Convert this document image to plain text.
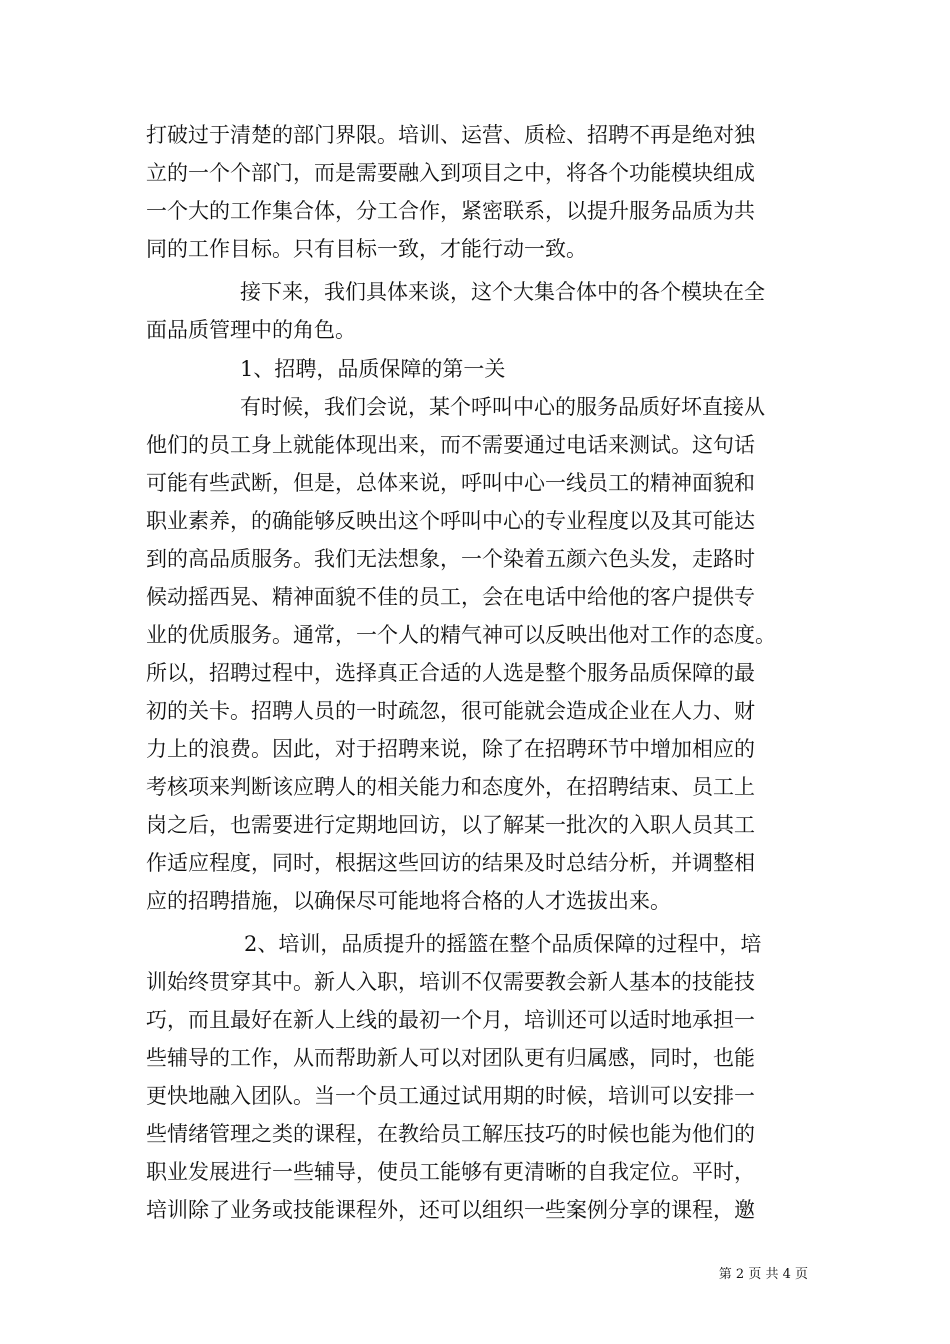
打破过于清楚的部门界限。培训、运营、质检、招聘不再是绝对独
立的一个个部门，而是需要融入到项目之中，将各个功能模块组成
一个大的工作集合体，分工合作，紧密联系，以提升服务品质为共
同的工作目标。只有目标一致，才能行动一致。
接下来，我们具体来谈，这个大集合体中的各个模块在全
面品质管理中的角色。
1、招聘，品质保障的第一关
有时候，我们会说，某个呼叫中心的服务品质好坏直接从
他们的员工身上就能体现出来，而不需要通过电话来测试。这句话
可能有些武断，但是，总体来说，呼叫中心一线员工的精神面貌和
职业素养，的确能够反映出这个呼叫中心的专业程度以及其可能达
到的高品质服务。我们无法想象，一个染着五颜六色头发，走路时
候动摇西晃、精神面貌不佳的员工，会在电话中给他的客户提供专
业的优质服务。通常，一个人的精气神可以反映出他对工作的态度。
所以，招聘过程中，选择真正合适的人选是整个服务品质保障的最
初的关卡。招聘人员的一时疏忽，很可能就会造成企业在人力、财
力上的浪费。因此，对于招聘来说，除了在招聘环节中增加相应的
考核项来判断该应聘人的相关能力和态度外，在招聘结束、员工上
岗之后，也需要进行定期地回访，以了解某一批次的入职人员其工
作适应程度，同时，根据这些回访的结果及时总结分析，并调整相
应的招聘措施，以确保尽可能地将合格的人才选拔出来。
2、培训，品质提升的摇篮在整个品质保障的过程中，培
训始终贯穿其中。新人入职，培训不仅需要教会新人基本的技能技
巧，而且最好在新人上线的最初一个月，培训还可以适时地承担一
些辅导的工作，从而帮助新人可以对团队更有归属感，同时，也能
更快地融入团队。当一个员工通过试用期的时候，培训可以安排一
些情绪管理之类的课程，在教给员工解压技巧的时候也能为他们的
职业发展进行一些辅导，使员工能够有更清晰的自我定位。平时，
培训除了业务或技能课程外，还可以组织一些案例分享的课程，邀
第 2 页 共 4 页
